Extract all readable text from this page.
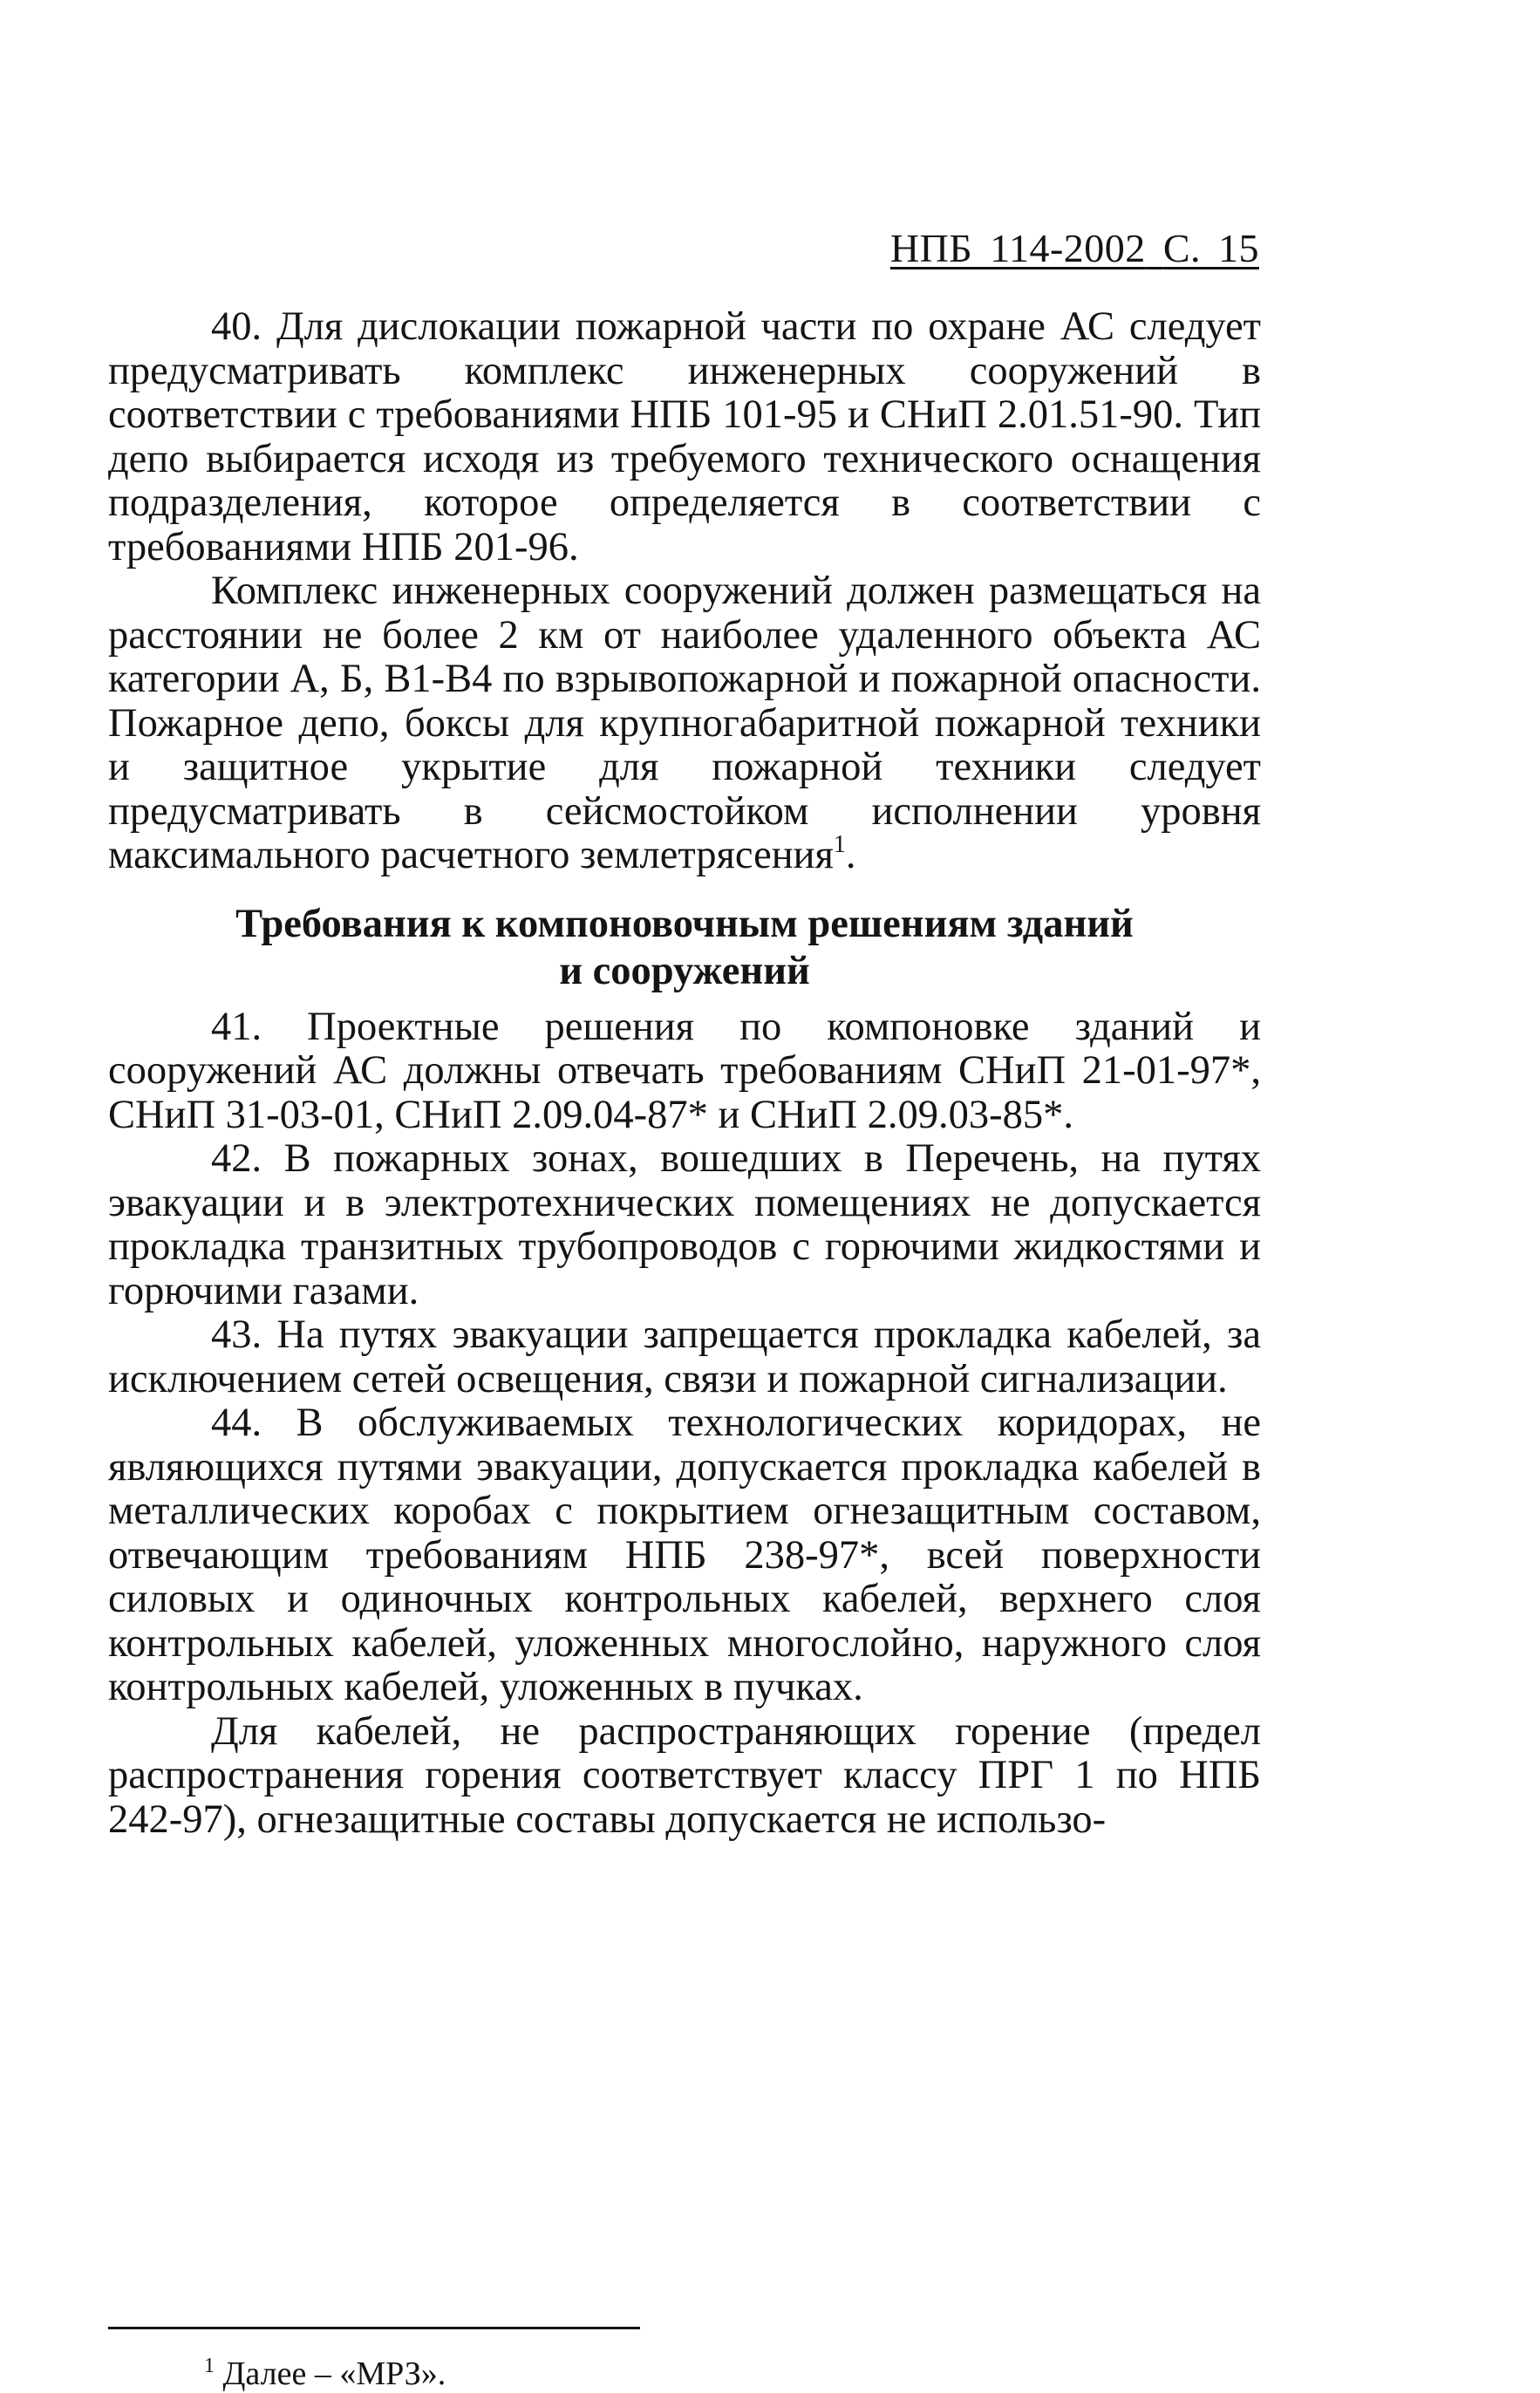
НПБ 114-2002 С. 15

40. Для дислокации пожарной части по охране АС следует предусматривать комплекс инженерных сооружений в соответствии с требованиями НПБ 101-95 и СНиП 2.01.51-90. Тип депо выбирается исходя из требуемого технического оснащения подразделения, которое определяется в соответствии с требованиями НПБ 201-96.

Комплекс инженерных сооружений должен размещаться на расстоянии не более 2 км от наиболее удаленного объекта АС категории А, Б, В1-В4 по взрывопожарной и пожарной опасности. Пожарное депо, боксы для крупногабаритной пожарной техники и защитное укрытие для пожарной техники следует предусматривать в сейсмостойком исполнении уровня максимального расчетного землетрясения$^1$.

Требования к компоновочным решениям зданий
и сооружений

41. Проектные решения по компоновке зданий и сооружений АС должны отвечать требованиям СНиП 21-01-97*, СНиП 31-03-01, СНиП 2.09.04-87* и СНиП 2.09.03-85*.

42. В пожарных зонах, вошедших в Перечень, на путях эвакуации и в электротехнических помещениях не допускается прокладка транзитных трубопроводов с горючими жидкостями и горючими газами.

43. На путях эвакуации запрещается прокладка кабелей, за исключением сетей освещения, связи и пожарной сигнализации.

44. В обслуживаемых технологических коридорах, не являющихся путями эвакуации, допускается прокладка кабелей в металлических коробах с покрытием огнезащитным составом, отвечающим требованиям НПБ 238-97*, всей поверхности силовых и одиночных контрольных кабелей, верхнего слоя контрольных кабелей, уложенных многослойно, наружного слоя контрольных кабелей, уложенных в пучках.

Для кабелей, не распространяющих горение (предел распространения горения соответствует классу ПРГ 1 по НПБ 242-97), огнезащитные составы допускается не использо-

$^1$ Далее – «МРЗ».
